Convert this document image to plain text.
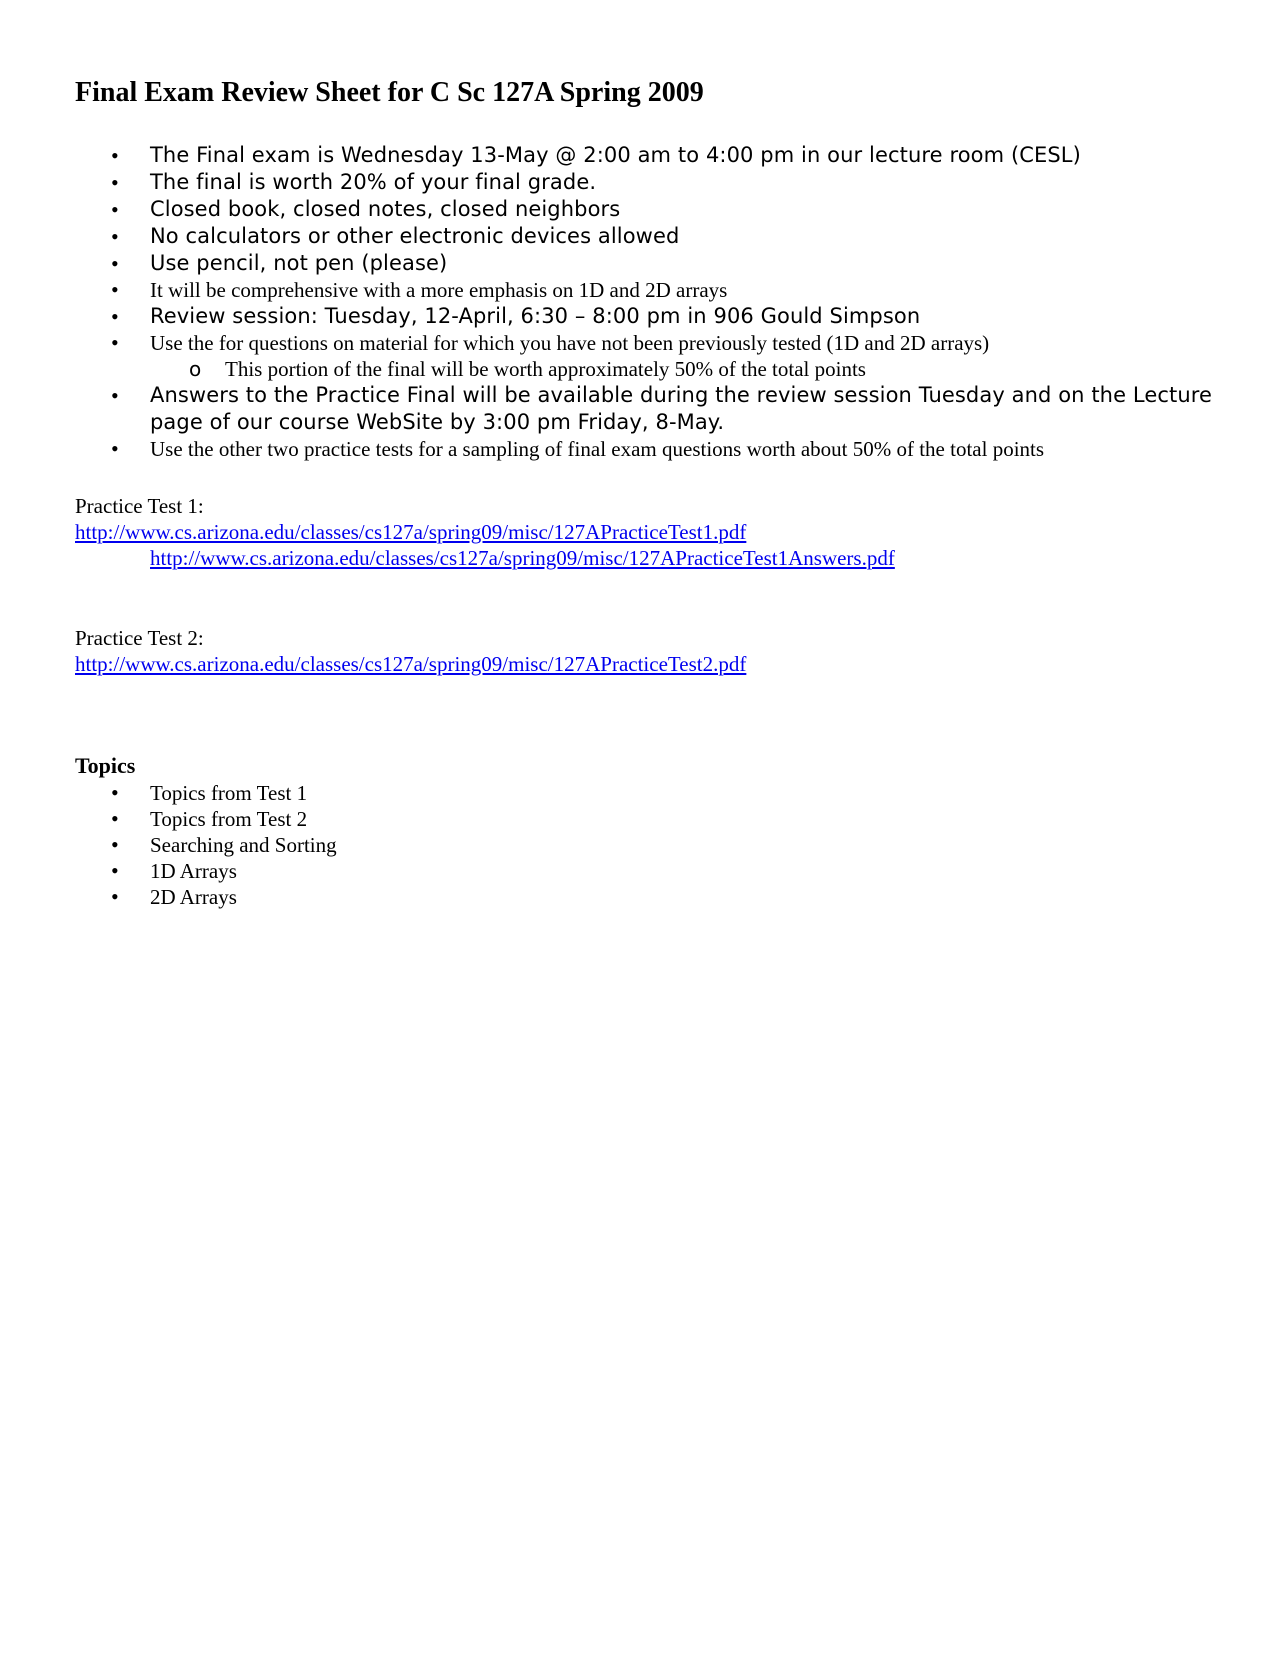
Final Exam Review Sheet for C Sc 127A Spring 2009
• The Final exam is Wednesday 13-May @ 2:00 am to 4:00 pm in our lecture room (CESL)
• The final is worth 20% of your final grade.
• Closed book, closed notes, closed neighbors
• No calculators or other electronic devices allowed
• Use pencil, not pen (please)
• It will be comprehensive with a more emphasis on 1D and 2D arrays
• Review session: Tuesday, 12-April, 6:30 – 8:00 pm in 906 Gould Simpson
• Use the for questions on material for which you have not been previously tested (1D and 2D arrays)
o This portion of the final will be worth approximately 50% of the total points
• Answers to the Practice Final will be available during the review session Tuesday and on the Lecture page of our course WebSite by 3:00 pm Friday, 8-May.
• Use the other two practice tests for a sampling of final exam questions worth about 50% of the total points
Practice Test 1:
http://www.cs.arizona.edu/classes/cs127a/spring09/misc/127APracticeTest1.pdf
http://www.cs.arizona.edu/classes/cs127a/spring09/misc/127APracticeTest1Answers.pdf
Practice Test 2:
http://www.cs.arizona.edu/classes/cs127a/spring09/misc/127APracticeTest2.pdf
Topics
• Topics from Test 1
• Topics from Test 2
• Searching and Sorting
• 1D Arrays
• 2D Arrays
